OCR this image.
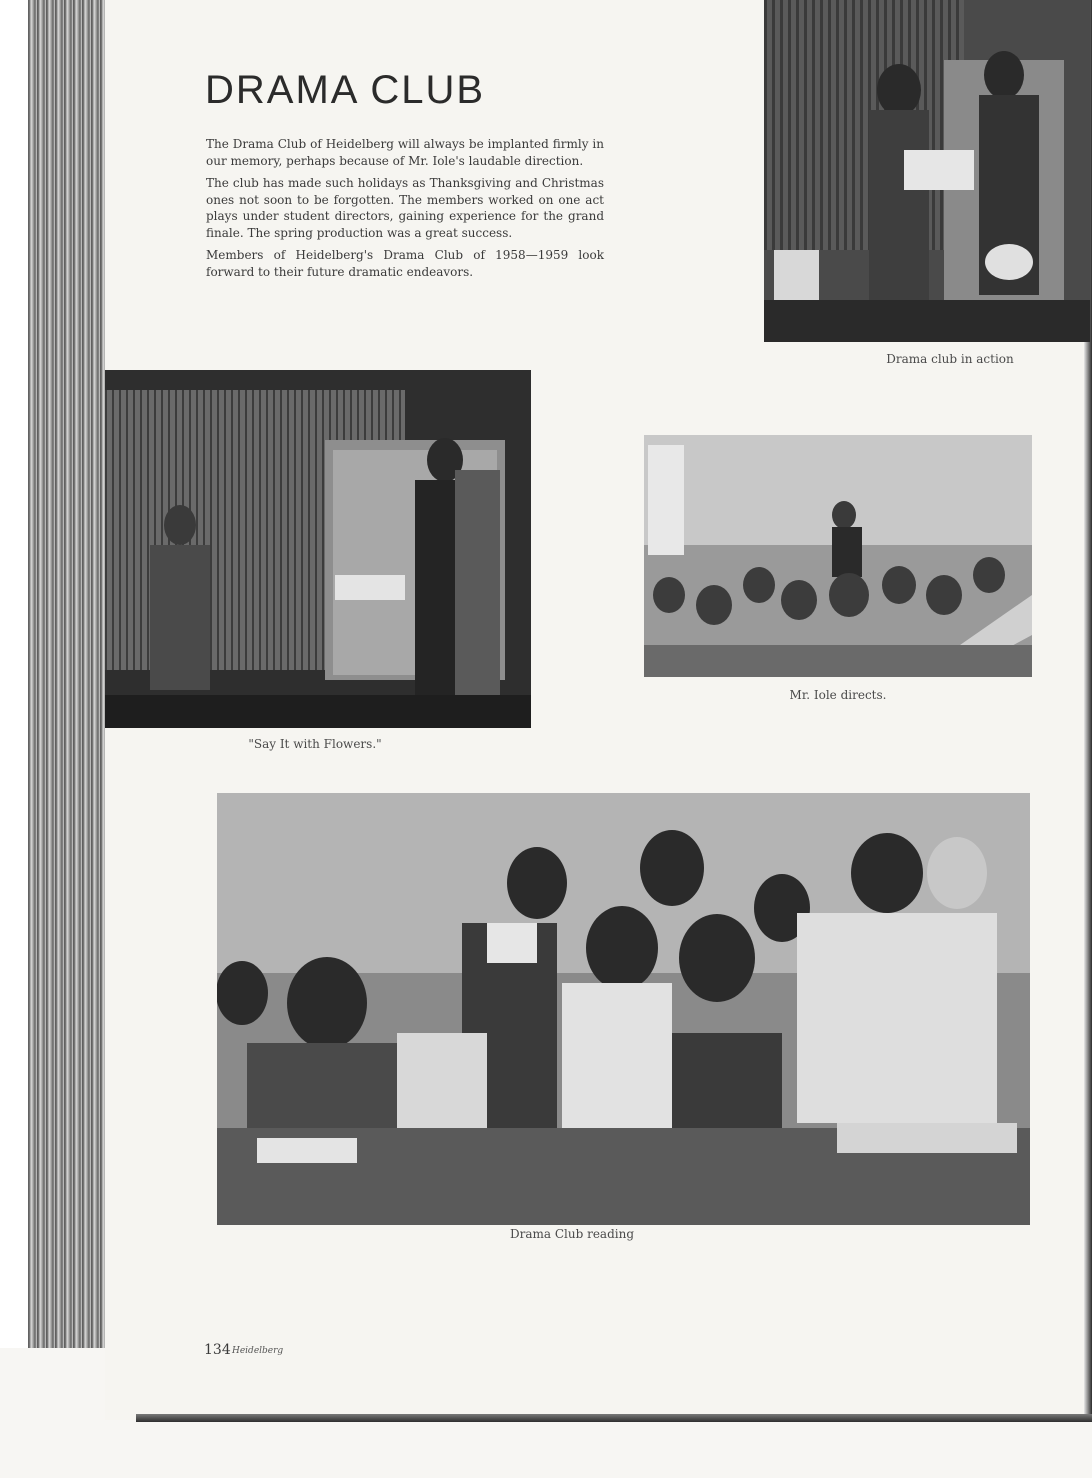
DRAMA CLUB

The Drama Club of Heidelberg will always be implanted firmly in our memory, perhaps because of Mr. Iole's laudable direction.

The club has made such holidays as Thanksgiving and Christmas ones not soon to be forgotten. The members worked on one act plays under student directors, gaining experience for the grand finale. The spring production was a great success.

Members of Heidelberg's Drama Club of 1958—1959 look forward to their future dramatic endeavors.

Drama club in action
"Say It with Flowers."
Mr. Iole directs.
Drama Club reading
134 Heidelberg
